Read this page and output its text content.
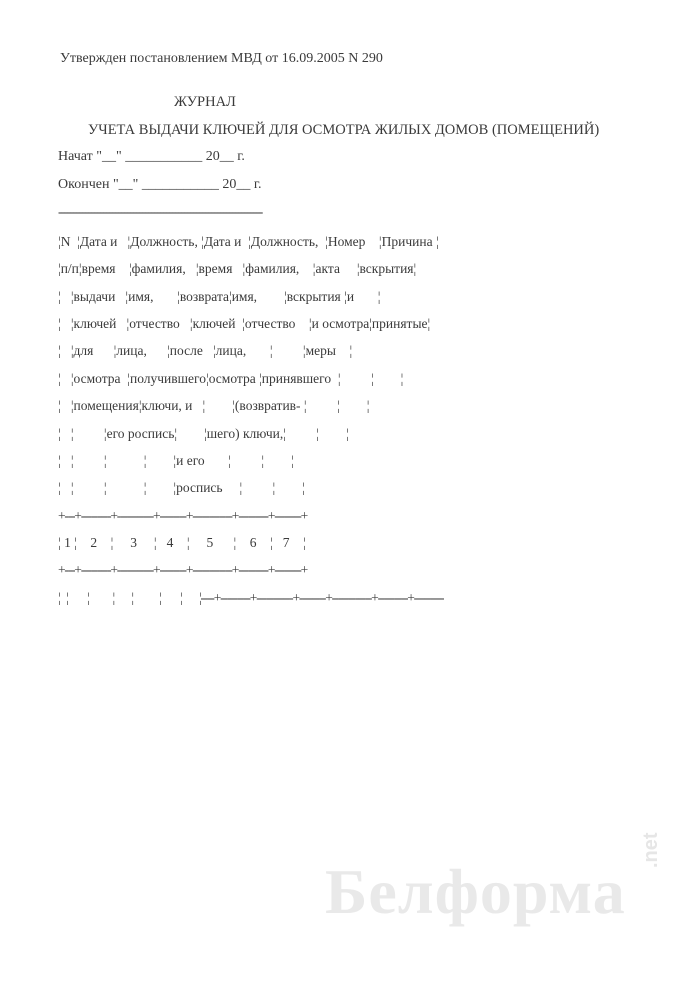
Утвержден постановлением МВД от 16.09.2005 N 290
ЖУРНАЛ
УЧЕТА ВЫДАЧИ КЛЮЧЕЙ ДЛЯ ОСМОТРА ЖИЛЫХ ДОМОВ (ПОМЕЩЕНИЙ)
Начат "__" ___________ 20__ г.
Окончен "__" ___________ 20__ г.
--------------------------------------------------------------------
¦N  ¦Дата и   ¦Должность, ¦Дата и  ¦Должность,  ¦Номер    ¦Причина ¦
¦п/п¦время    ¦фамилия,   ¦время   ¦фамилия,    ¦акта     ¦вскрытия¦
¦   ¦выдачи   ¦имя,       ¦возврата¦имя,        ¦вскрытия ¦и       ¦
¦   ¦ключей   ¦отчество   ¦ключей  ¦отчество    ¦и осмотра¦принятые¦
¦   ¦для      ¦лица,      ¦после   ¦лица,       ¦         ¦меры    ¦
¦   ¦осмотра  ¦получившего¦осмотра ¦принявшего  ¦         ¦        ¦
¦   ¦помещения¦ключи, и   ¦        ¦(возвратив- ¦         ¦        ¦
¦   ¦         ¦его роспись¦        ¦шего) ключи,¦         ¦        ¦
¦   ¦         ¦           ¦        ¦и его       ¦         ¦        ¦
¦   ¦         ¦           ¦        ¦роспись     ¦         ¦        ¦
+---+---------+-----------+--------+------------+---------+--------+
¦ 1 ¦    2    ¦     3     ¦   4    ¦     5      ¦    6    ¦   7    ¦
+---+---------+-----------+--------+------------+---------+--------+
¦   ¦         ¦           ¦        ¦            ¦         ¦        ¦----+---------+-----------+--------+------------+---------+---------
Белформа
.net
